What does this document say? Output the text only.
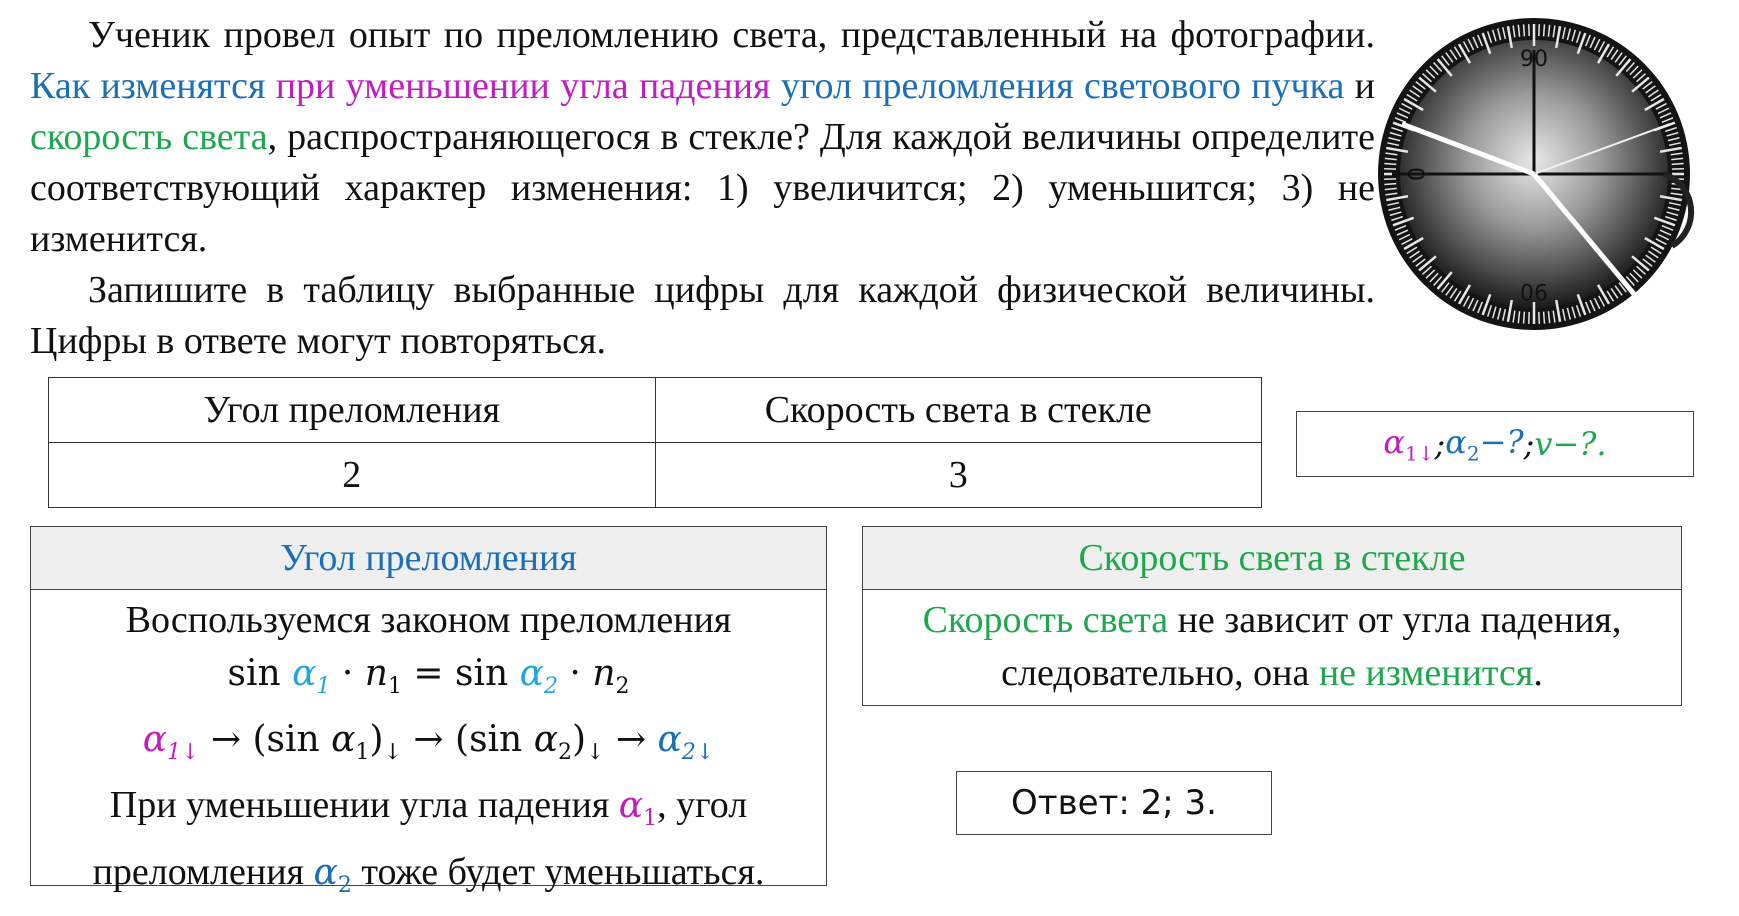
Ученик провел опыт по преломлению света, представленный на фотографии. Как изменятся при уменьшении угла падения угол преломления светового пучка и скорость света, распространяющегося в стекле? Для каждой величины определите соответствующий характер изменения: 1) увеличится; 2) уменьшится; 3) не изменится.

Запишите в таблицу выбранные цифры для каждой физической величины. Цифры в ответе могут повторяться.

90
0
90
Угол преломления	Скорость света в стекле
2	3
$\alpha_{1↓}$ ; $\alpha_2-$? ; v−?.
Угол преломления
Воспользуемся законом преломления
$\sin \alpha_1 \cdot n_1 = \sin \alpha_2 \cdot n_2$
$\alpha_{1↓} \to (\sin$ $\alpha_1)_↓ \to (\sin$ $\alpha_2)_↓ \to \alpha_{2↓}$
При уменьшении угла падения $\alpha_1$, угол
преломления $\alpha_2$ тоже будет уменьшаться.
Скорость света в стекле
Скорость света не зависит от угла падения,
следовательно, она не изменится.
Ответ: 2; 3.
